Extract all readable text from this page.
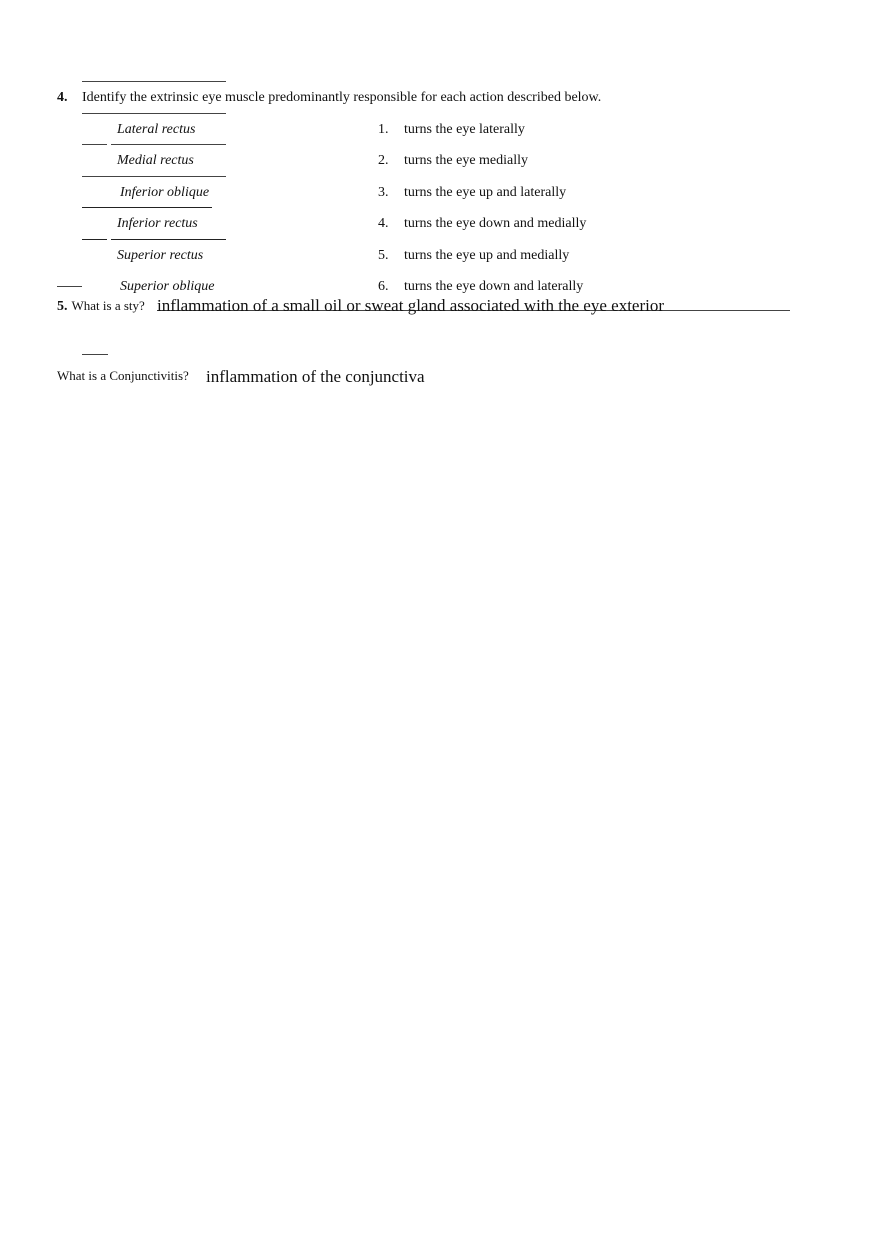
4. Identify the extrinsic eye muscle predominantly responsible for each action described below.
Lateral rectus	1. turns the eye laterally
Medial rectus	2. turns the eye medially
Inferior oblique	3. turns the eye up and laterally
Inferior rectus	4. turns the eye down and medially
Superior rectus	5. turns the eye up and medially
Superior oblique	6. turns the eye down and laterally
5. What is a sty? inflammation of a small oil or sweat gland associated with the eye exterior
What is a Conjunctivitis? inflammation of the conjunctiva
